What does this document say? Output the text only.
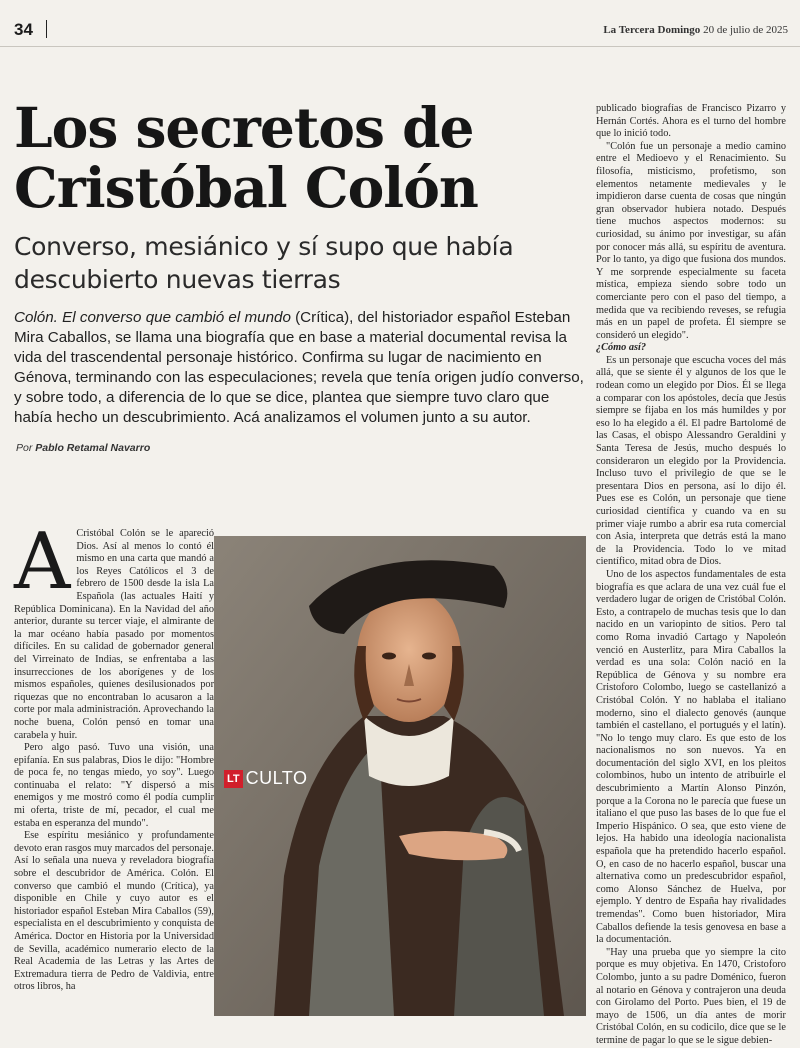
34	La Tercera Domingo 20 de julio de 2025
Los secretos de Cristóbal Colón
Converso, mesiánico y sí supo que había descubierto nuevas tierras

Colón. El converso que cambió el mundo (Crítica), del historiador español Esteban Mira Caballos, se llama una biografía que en base a material documental revisa la vida del trascendental personaje histórico. Confirma su lugar de nacimiento en Génova, terminando con las especulaciones; revela que tenía origen judío converso, y sobre todo, a diferencia de lo que se dice, plantea que siempre tuvo claro que había hecho un descubrimiento. Acá analizamos el volumen junto a su autor.

Por Pablo Retamal Navarro
A Cristóbal Colón se le apareció Dios. Así al menos lo contó él mismo en una carta que mandó a los Reyes Católicos el 3 de febrero de 1500 desde la isla La Española (las actuales Haití y República Dominicana). En la Navidad del año anterior, durante su tercer viaje, el almirante de la mar océano había pasado por momentos difíciles. En su calidad de gobernador general del Virreinato de Indias, se enfrentaba a las insurrecciones de los aborígenes y de los mismos españoles, quienes desilusionados por riquezas que no encontraban lo acusaron a la corte por mala administración. Aprovechando la noche buena, Colón pensó en tomar una carabela y huir.

Pero algo pasó. Tuvo una visión, una epifanía. En sus palabras, Dios le dijo: "Hombre de poca fe, no tengas miedo, yo soy". Luego continuaba el relato: "Y dispersó a mis enemigos y me mostró como él podía cumplir mi oferta, triste de mí, pecador, el cual me estaba en esperanza del mundo".

Ese espíritu mesiánico y profundamente devoto eran rasgos muy marcados del personaje. Así lo señala una nueva y reveladora biografía sobre el descubridor de América. Colón. El converso que cambió el mundo (Crítica), ya disponible en Chile y cuyo autor es el historiador español Esteban Mira Caballos (59), especialista en el descubrimiento y conquista de América. Doctor en Historia por la Universidad de Sevilla, académico numerario electo de la Real Academia de las Letras y las Artes de Extremadura tierra de Pedro de Valdivia, entre otros libros, ha

LT CULTO

publicado biografías de Francisco Pizarro y Hernán Cortés. Ahora es el turno del hombre que lo inició todo.

"Colón fue un personaje a medio camino entre el Medioevo y el Renacimiento. Su filosofía, misticismo, profetismo, son elementos netamente medievales y le impidieron darse cuenta de cosas que ningún gran observador hubiera notado. Después tiene muchos aspectos modernos: su curiosidad, su ánimo por investigar, su afán por conocer más allá, su espíritu de aventura. Por lo tanto, ya digo que fusiona dos mundos. Y me sorprende especialmente su faceta mística, empieza siendo sobre todo un comerciante pero con el paso del tiempo, a medida que va recibiendo reveses, se refugia más en un papel de profeta. Él siempre se consideró un elegido".

¿Cómo así?

Es un personaje que escucha voces del más allá, que se siente él y algunos de los que le rodean como un elegido por Dios. Él se llega a comparar con los apóstoles, decía que Jesús siempre se fijaba en los más humildes y por eso lo ha elegido a él. El padre Bartolomé de las Casas, el obispo Alessandro Geraldini y Santa Teresa de Jesús, mucho después lo consideraron un elegido por la Providencia. Incluso tuvo el privilegio de que se le presentara Dios en persona, así lo dijo él. Pues ese es Colón, un personaje que tiene curiosidad científica y cuando va en su primer viaje rumbo a abrir esa ruta comercial con Asia, interpreta que detrás está la mano de la Providencia. Todo lo ve mitad científico, mitad obra de Dios.

Uno de los aspectos fundamentales de esta biografía es que aclara de una vez cuál fue el verdadero lugar de origen de Cristóbal Colón. Esto, a contrapelo de muchas tesis que lo dan nacido en un variopinto de sitios. Pero tal como Roma invadió Cartago y Napoleón venció en Austerlitz, para Mira Caballos la verdad es una sola: Colón nació en la República de Génova y su nombre era Cristoforo Colombo, luego se castellanizó a Cristóbal Colón. Y no hablaba el italiano moderno, sino el dialecto genovés (aunque también el castellano, el portugués y el latín). "No lo tengo muy claro. Es que esto de los nacionalismos no son nuevos. Ya en documentación del siglo XVI, en los pleitos colombinos, hubo un intento de atribuirle el descubrimiento a Martín Alonso Pinzón, porque a la Corona no le parecía que fuese un italiano el que puso las bases de lo que fue el Imperio Hispánico. O sea, que esto viene de lejos. Ha habido una ideología nacionalista española que ha pretendido hacerlo español. O, en caso de no hacerlo español, buscar una alternativa como un predescubridor español, como Alonso Sánchez de Huelva, por ejemplo. Y dentro de España hay rivalidades tremendas". Como buen historiador, Mira Caballos defiende la tesis genovesa en base a la documentación.

"Hay una prueba que yo siempre la cito porque es muy objetiva. En 1470, Cristoforo Colombo, junto a su padre Doménico, fueron al notario en Génova y contrajeron una deuda con Girolamo del Porto. Pues bien, el 19 de mayo de 1506, un día antes de morir Cristóbal Colón, en su codicilo, dice que se le termine de pagar lo que se le sigue debien-
